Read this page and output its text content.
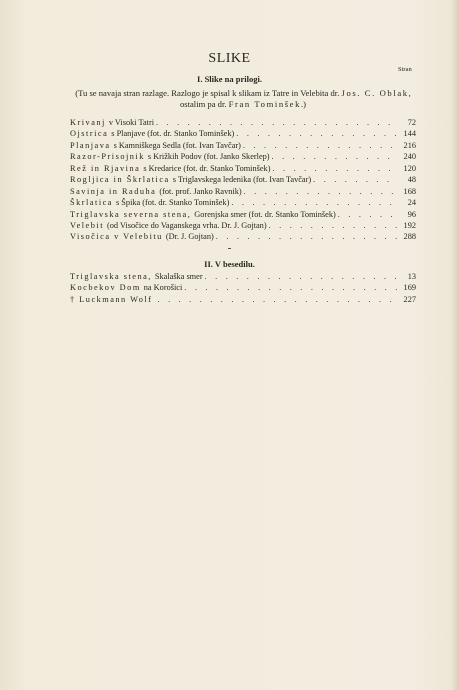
SLIKE
Stran
I. Slike na prilogi.
(Tu se navaja stran razlage. Razlogo je spisal k slikam iz Tatre in Velebita dr. Jos. C. Oblak, ostalim pa dr. Fran Tominšek.)
Krivanj v Visoki Tatri . . .	72
Ojstrica s Planjave (fot. dr. Stanko Tominšek) . . .	144
Planjava s Kamniškega Sedla (fot. Ivan Tavčar) . . .	216
Razor-Prisojnik s Križkih Podov (fot. Janko Skerlep) . . .	240
Rež in Rjavina s Kredarice (fot. dr. Stanko Tominšek) . . .	120
Rogljica in Škrlatica s Triglavskega ledenika (fot. Ivan Tavčar) . . .	48
Savinja in Raduha (fot. prof. Janko Ravnik) . . .	168
Škrlatica s Špika (fot. dr. Stanko Tominšek) . . .	24
Triglavska severna stena, Gorenjska smer (fot. dr. Stanko Tominšek) . . .	96
Velebit (od Visočice do Vaganskega vrha. Dr. J. Gojtan) . . .	192
Visočica v Velebitu (Dr. J. Gojtan) . . .	288
II. V besedilu.
Triglavska stena, Skalaška smer . . .	13
Kocbekov Dom na Korošici . . .	169
† Luckmann Wolf . . .	227
